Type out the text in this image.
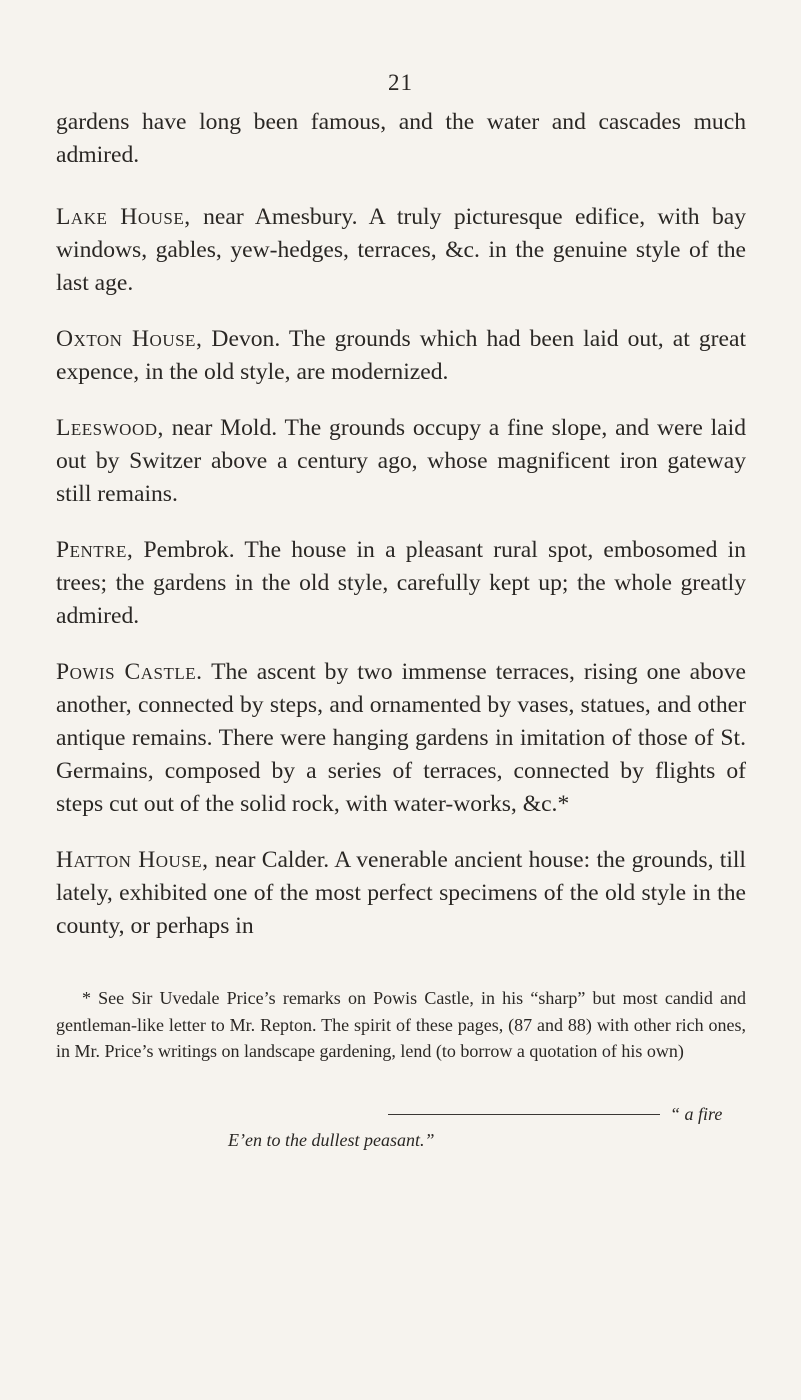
21

gardens have long been famous, and the water and cascades much admired.

Lake House, near Amesbury. A truly picturesque edifice, with bay windows, gables, yew-hedges, terraces, &c. in the genuine style of the last age.

Oxton House, Devon. The grounds which had been laid out, at great expence, in the old style, are modernized.

Leeswood, near Mold. The grounds occupy a fine slope, and were laid out by Switzer above a century ago, whose magnificent iron gateway still remains.

Pentre, Pembrok. The house in a pleasant rural spot, embosomed in trees; the gardens in the old style, carefully kept up; the whole greatly admired.

Powis Castle. The ascent by two immense terraces, rising one above another, connected by steps, and ornamented by vases, statues, and other antique remains. There were hanging gardens in imitation of those of St. Germains, composed by a series of terraces, connected by flights of steps cut out of the solid rock, with water-works, &c.*

Hatton House, near Calder. A venerable ancient house: the grounds, till lately, exhibited one of the most perfect specimens of the old style in the county, or perhaps in

* See Sir Uvedale Price’s remarks on Powis Castle, in his “sharp” but most candid and gentleman-like letter to Mr. Repton. The spirit of these pages, (87 and 88) with other rich ones, in Mr. Price’s writings on landscape gardening, lend (to borrow a quotation of his own)

“ a fire
E’en to the dullest peasant.”
